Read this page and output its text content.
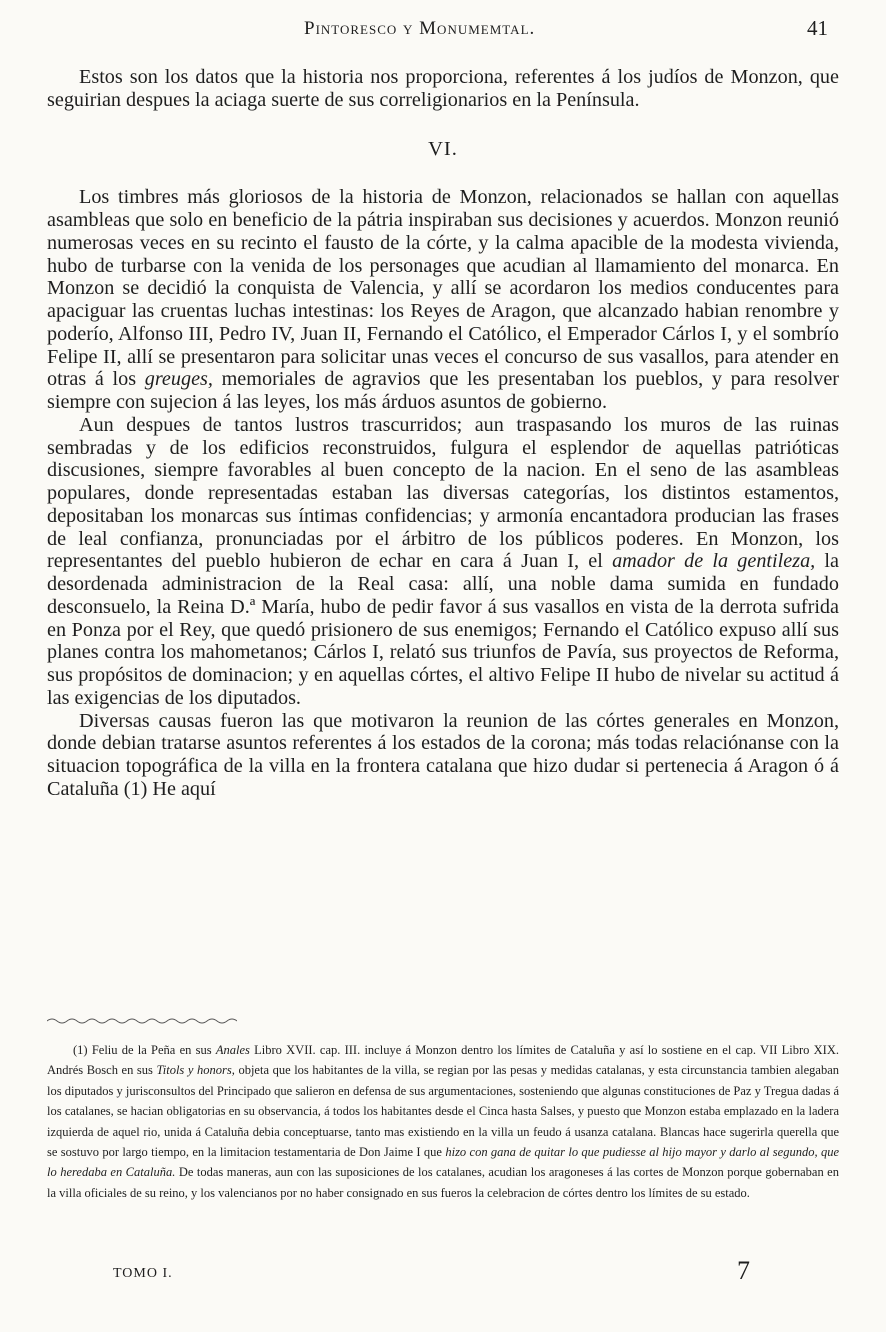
Pintoresco y Monumemtal.	41

Estos son los datos que la historia nos proporciona, referentes á los judíos de Monzon, que seguirian despues la aciaga suerte de sus correligionarios en la Península.

VI.

Los timbres más gloriosos de la historia de Monzon, relacionados se hallan con aquellas asambleas que solo en beneficio de la pátria inspiraban sus decisiones y acuerdos. Monzon reunió numerosas veces en su recinto el fausto de la córte, y la calma apacible de la modesta vivienda, hubo de turbarse con la venida de los personages que acudian al llamamiento del monarca. En Monzon se decidió la conquista de Valencia, y allí se acordaron los medios conducentes para apaciguar las cruentas luchas intestinas: los Reyes de Aragon, que alcanzado habian renombre y poderío, Alfonso III, Pedro IV, Juan II, Fernando el Católico, el Emperador Cárlos I, y el sombrío Felipe II, allí se presentaron para solicitar unas veces el concurso de sus vasallos, para atender en otras á los greuges, memoriales de agravios que les presentaban los pueblos, y para resolver siempre con sujecion á las leyes, los más árduos asuntos de gobierno.

Aun despues de tantos lustros trascurridos; aun traspasando los muros de las ruinas sembradas y de los edificios reconstruidos, fulgura el esplendor de aquellas patrióticas discusiones, siempre favorables al buen concepto de la nacion. En el seno de las asambleas populares, donde representadas estaban las diversas categorías, los distintos estamentos, depositaban los monarcas sus íntimas confidencias; y armonía encantadora producian las frases de leal confianza, pronunciadas por el árbitro de los públicos poderes. En Monzon, los representantes del pueblo hubieron de echar en cara á Juan I, el amador de la gentileza, la desordenada administracion de la Real casa: allí, una noble dama sumida en fundado desconsuelo, la Reina D.ª María, hubo de pedir favor á sus vasallos en vista de la derrota sufrida en Ponza por el Rey, que quedó prisionero de sus enemigos; Fernando el Católico expuso allí sus planes contra los mahometanos; Cárlos I, relató sus triunfos de Pavía, sus proyectos de Reforma, sus propósitos de dominacion; y en aquellas córtes, el altivo Felipe II hubo de nivelar su actitud á las exigencias de los diputados.

Diversas causas fueron las que motivaron la reunion de las córtes generales en Monzon, donde debian tratarse asuntos referentes á los estados de la corona; más todas relaciónanse con la situacion topográfica de la villa en la frontera catalana que hizo dudar si pertenecia á Aragon ó á Cataluña (1) He aquí

(1) Feliu de la Peña en sus Anales Libro XVII. cap. III. incluye á Monzon dentro los límites de Cataluña y así lo sostiene en el cap. VII Libro XIX. Andrés Bosch en sus Titols y honors, objeta que los habitantes de la villa, se regian por las pesas y medidas catalanas, y esta circunstancia tambien alegaban los diputados y jurisconsultos del Principado que salieron en defensa de sus argumentaciones, sosteniendo que algunas constituciones de Paz y Tregua dadas á los catalanes, se hacian obligatorias en su observancia, á todos los habitantes desde el Cinca hasta Salses, y puesto que Monzon estaba emplazado en la ladera izquierda de aquel rio, unida á Cataluña debia conceptuarse, tanto mas existiendo en la villa un feudo á usanza catalana. Blancas hace sugerirla querella que se sostuvo por largo tiempo, en la limitacion testamentaria de Don Jaime I que hizo con gana de quitar lo que pudiesse al hijo mayor y darlo al segundo, que lo heredaba en Cataluña. De todas maneras, aun con las suposiciones de los catalanes, acudian los aragoneses á las cortes de Monzon porque gobernaban en la villa oficiales de su reino, y los valencianos por no haber consignado en sus fueros la celebracion de córtes dentro los límites de su estado.

TOMO I.	7
